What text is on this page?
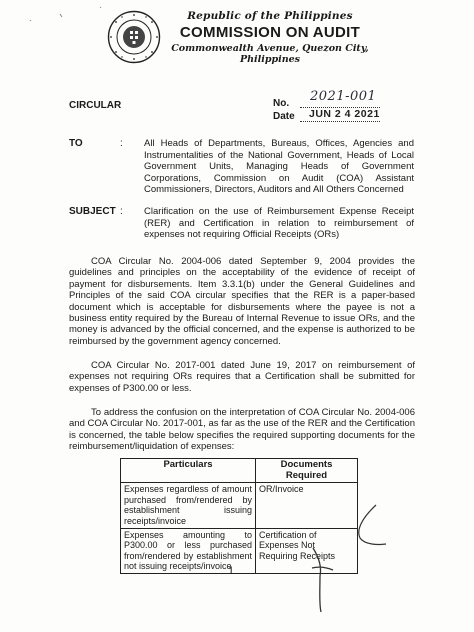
Republic of the Philippines
COMMISSION ON AUDIT
Commonwealth Avenue, Quezon City, Philippines
CIRCULAR	No. 2021-001
Date JUN 2 4 2021
TO	: All Heads of Departments, Bureaus, Offices, Agencies and Instrumentalities of the National Government, Heads of Local Government Units, Managing Heads of Government Corporations, Commission on Audit (COA) Assistant Commissioners, Directors, Auditors and All Others Concerned
SUBJECT : Clarification on the use of Reimbursement Expense Receipt (RER) and Certification in relation to reimbursement of expenses not requiring Official Receipts (ORs)

COA Circular No. 2004-006 dated September 9, 2004 provides the guidelines and principles on the acceptability of the evidence of receipt of payment for disbursements. Item 3.3.1(b) under the General Guidelines and Principles of the said COA circular specifies that the RER is a paper-based document which is acceptable for disbursements where the payee is not a business entity required by the Bureau of Internal Revenue to issue ORs, and the money is advanced by the official concerned, and the expense is authorized to be reimbursed by the government agency concerned.

COA Circular No. 2017-001 dated June 19, 2017 on reimbursement of expenses not requiring ORs requires that a Certification shall be submitted for expenses of P300.00 or less.

To address the confusion on the interpretation of COA Circular No. 2004-006 and COA Circular No. 2017-001, as far as the use of the RER and the Certification is concerned, the table below specifies the required supporting documents for the reimbursement/liquidation of expenses:

Particulars	Documents Required
Expenses regardless of amount purchased from/rendered by establishment issuing receipts/invoice	OR/Invoice
Expenses amounting to P300.00 or less purchased from/rendered by establishment not issuing receipts/invoice	Certification of Expenses Not Requiring Receipts
1
